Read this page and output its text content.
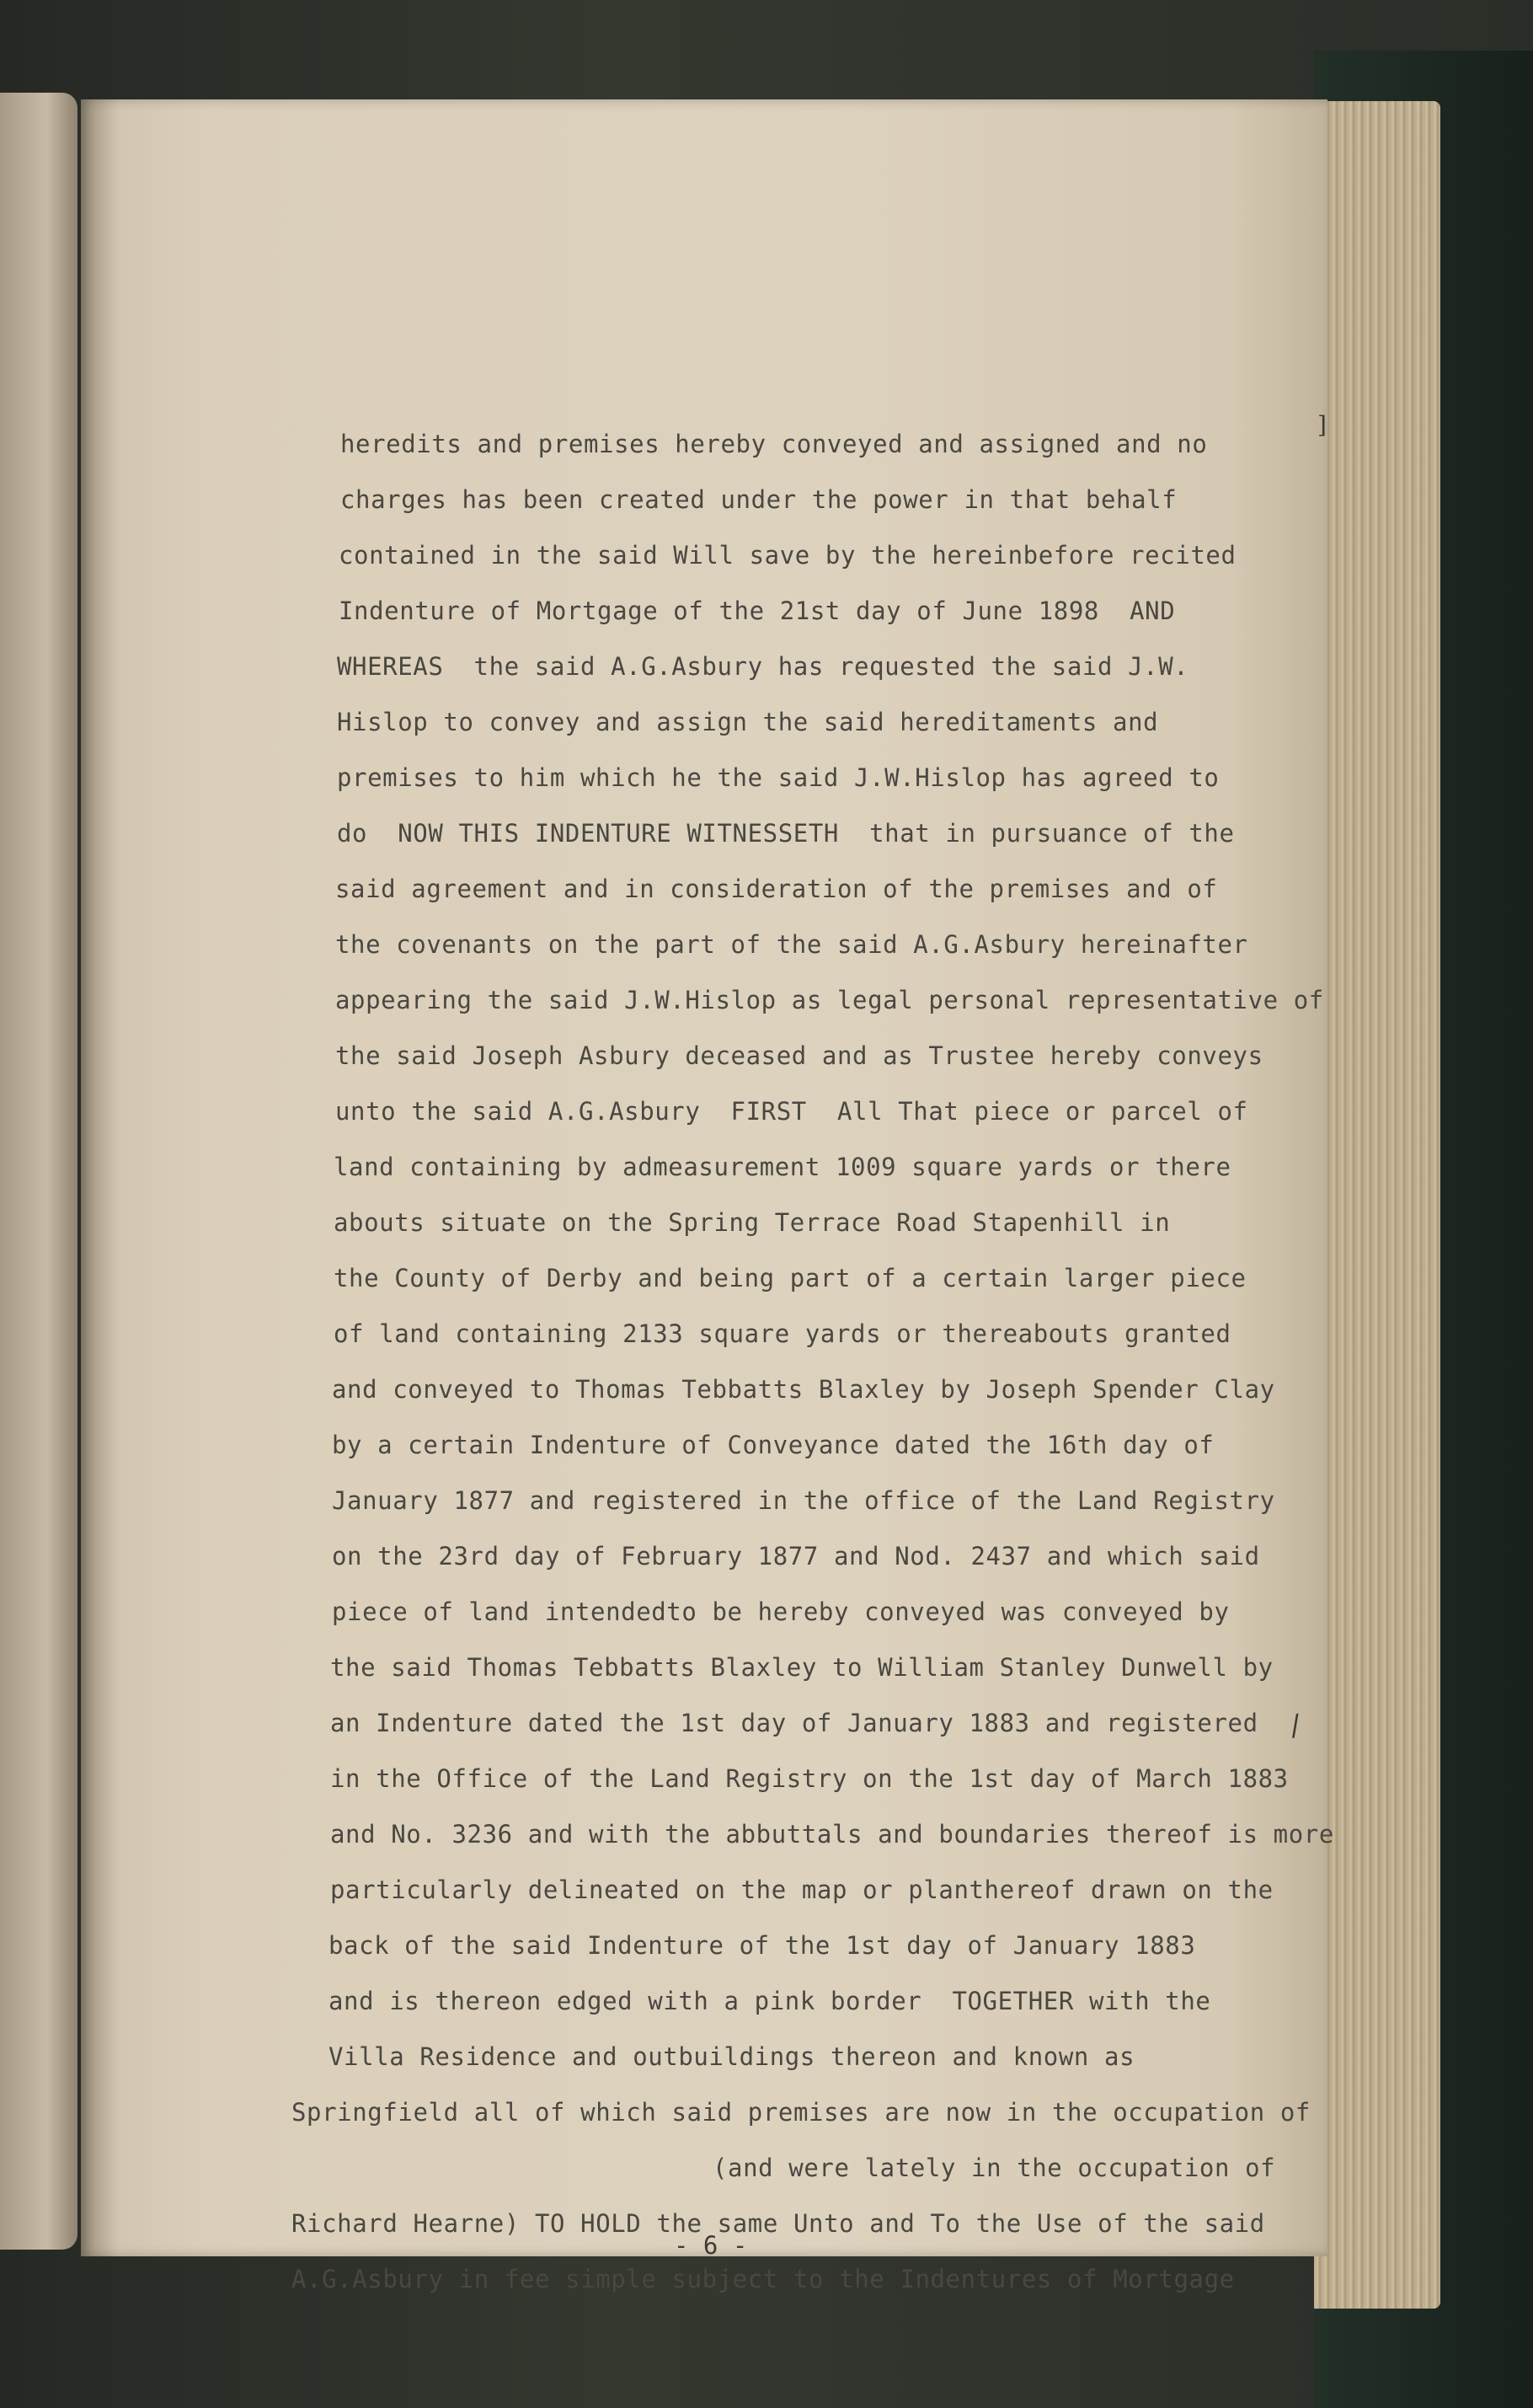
heredits and premises hereby conveyed and assigned and no
charges has been created under the power in that behalf
contained in the said Will save by the hereinbefore recited
Indenture of Mortgage of the 21st day of June 1898  AND
WHEREAS  the said A.G.Asbury has requested the said J.W.
Hislop to convey and assign the said hereditaments and
premises to him which he the said J.W.Hislop has agreed to
do  NOW THIS INDENTURE WITNESSETH  that in pursuance of the
said agreement and in consideration of the premises and of
the covenants on the part of the said A.G.Asbury hereinafter
appearing the said J.W.Hislop as legal personal representative of
the said Joseph Asbury deceased and as Trustee hereby conveys
unto the said A.G.Asbury  FIRST  All That piece or parcel of
land containing by admeasurement 1009 square yards or there
abouts situate on the Spring Terrace Road Stapenhill in
the County of Derby and being part of a certain larger piece
of land containing 2133 square yards or thereabouts granted
and conveyed to Thomas Tebbatts Blaxley by Joseph Spender Clay
by a certain Indenture of Conveyance dated the 16th day of
January 1877 and registered in the office of the Land Registry
on the 23rd day of February 1877 and Nod. 2437 and which said
piece of land intendedto be hereby conveyed was conveyed by
the said Thomas Tebbatts Blaxley to William Stanley Dunwell by
an Indenture dated the 1st day of January 1883 and registered
in the Office of the Land Registry on the 1st day of March 1883
and No. 3236 and with the abbuttals and boundaries thereof is more
particularly delineated on the map or planthereof drawn on the
back of the said Indenture of the 1st day of January 1883
and is thereon edged with a pink border  TOGETHER with the
Villa Residence and outbuildings thereon and known as
Springfield all of which said premises are now in the occupation of
(and were lately in the occupation of
Richard Hearne) TO HOLD the same Unto and To the Use of the said
A.G.Asbury in fee simple subject to the Indentures of Mortgage
]
∕
- 6 -
